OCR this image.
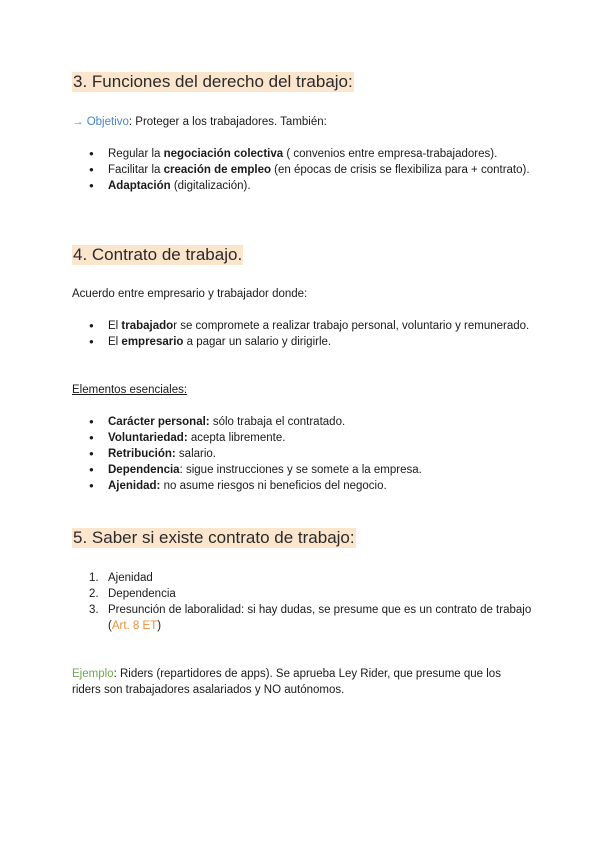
3. Funciones del derecho del trabajo:

→ Objetivo: Proteger a los trabajadores. También:

● Regular la negociación colectiva ( convenios entre empresa-trabajadores).
● Facilitar la creación de empleo (en épocas de crisis se flexibiliza para + contrato).
● Adaptación (digitalización).
4. Contrato de trabajo.

Acuerdo entre empresario y trabajador donde:

● El trabajador se compromete a realizar trabajo personal, voluntario y remunerado.
● El empresario a pagar un salario y dirigirle.

Elementos esenciales:

● Carácter personal: sólo trabaja el contratado.
● Voluntariedad: acepta libremente.
● Retribución: salario.
● Dependencia: sigue instrucciones y se somete a la empresa.
● Ajenidad: no asume riesgos ni beneficios del negocio.
5. Saber si existe contrato de trabajo:
1. Ajenidad
2. Dependencia
3. Presunción de laboralidad: si hay dudas, se presume que es un contrato de trabajo (Art. 8 ET)

Ejemplo: Riders (repartidores de apps). Se aprueba Ley Rider, que presume que los riders son trabajadores asalariados y NO autónomos.
